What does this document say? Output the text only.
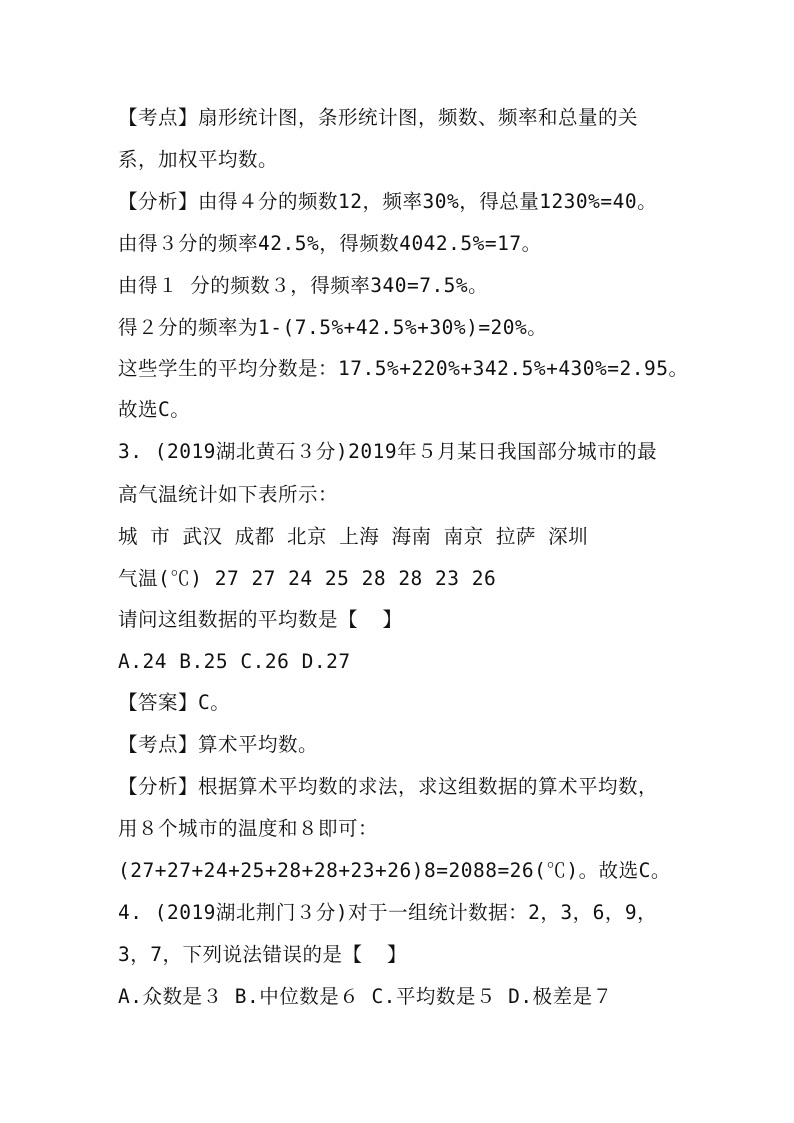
【考点】扇形统计图，条形统计图，频数、频率和总量的关
系，加权平均数。
【分析】由得４分的频数12，频率30%，得总量1230%=40。
由得３分的频率42.5%，得频数4042.5%=17。
由得１ 分的频数３，得频率340=7.5%。
得２分的频率为1-(7.5%+42.5%+30%)=20%。
这些学生的平均分数是：17.5%+220%+342.5%+430%=2.95。
故选C。
3. (2019湖北黄石３分)2019年５月某日我国部分城市的最
高气温统计如下表所示：
城 市 武汉 成都 北京 上海 海南 南京 拉萨 深圳
气温(℃) 27 27 24 25 28 28 23 26
请问这组数据的平均数是【  】
A.24 B.25 C.26 D.27
【答案】C。
【考点】算术平均数。
【分析】根据算术平均数的求法，求这组数据的算术平均数，
用８个城市的温度和８即可：
(27+27+24+25+28+28+23+26)8=2088=26(℃)。故选C。
4. (2019湖北荆门３分)对于一组统计数据：2，3，6，9，
3，7，下列说法错误的是【  】
A.众数是３ B.中位数是６ C.平均数是５ D.极差是７
